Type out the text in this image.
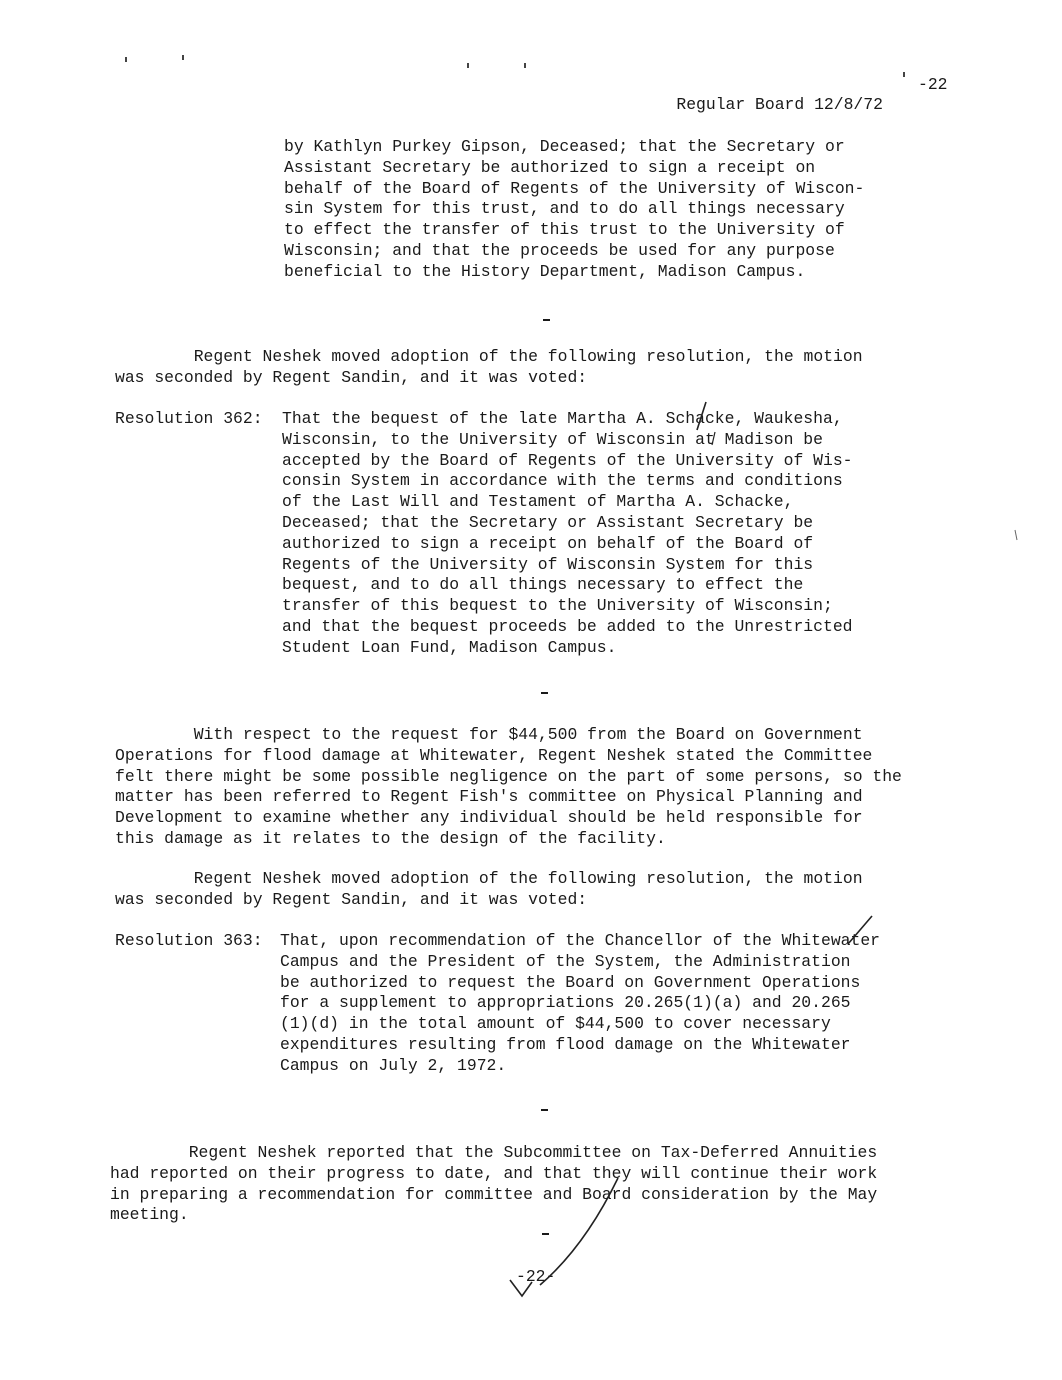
Regular Board 12/8/72

-22

by Kathlyn Purkey Gipson, Deceased; that the Secretary or
Assistant Secretary be authorized to sign a receipt on
behalf of the Board of Regents of the University of Wiscon-
sin System for this trust, and to do all things necessary
to effect the transfer of this trust to the University of
Wisconsin; and that the proceeds be used for any purpose
beneficial to the History Department, Madison Campus.
Regent Neshek moved adoption of the following resolution, the motion
was seconded by Regent Sandin, and it was voted:
Resolution 362: That the bequest of the late Martha A. Schacke, Waukesha,
Wisconsin, to the University of Wisconsin at Madison be
accepted by the Board of Regents of the University of Wis-
consin System in accordance with the terms and conditions
of the Last Will and Testament of Martha A. Schacke,
Deceased; that the Secretary or Assistant Secretary be
authorized to sign a receipt on behalf of the Board of
Regents of the University of Wisconsin System for this
bequest, and to do all things necessary to effect the
transfer of this bequest to the University of Wisconsin;
and that the bequest proceeds be added to the Unrestricted
Student Loan Fund, Madison Campus.
With respect to the request for $44,500 from the Board on Government
Operations for flood damage at Whitewater, Regent Neshek stated the Committee
felt there might be some possible negligence on the part of some persons, so the
matter has been referred to Regent Fish's committee on Physical Planning and
Development to examine whether any individual should be held responsible for
this damage as it relates to the design of the facility.
Regent Neshek moved adoption of the following resolution, the motion
was seconded by Regent Sandin, and it was voted:
Resolution 363: That, upon recommendation of the Chancellor of the Whitewater
Campus and the President of the System, the Administration
be authorized to request the Board on Government Operations
for a supplement to appropriations 20.265(1)(a) and 20.265
(1)(d) in the total amount of $44,500 to cover necessary
expenditures resulting from flood damage on the Whitewater
Campus on July 2, 1972.
Regent Neshek reported that the Subcommittee on Tax-Deferred Annuities
had reported on their progress to date, and that they will continue their work
in preparing a recommendation for committee and Board consideration by the May
meeting.
-22-
